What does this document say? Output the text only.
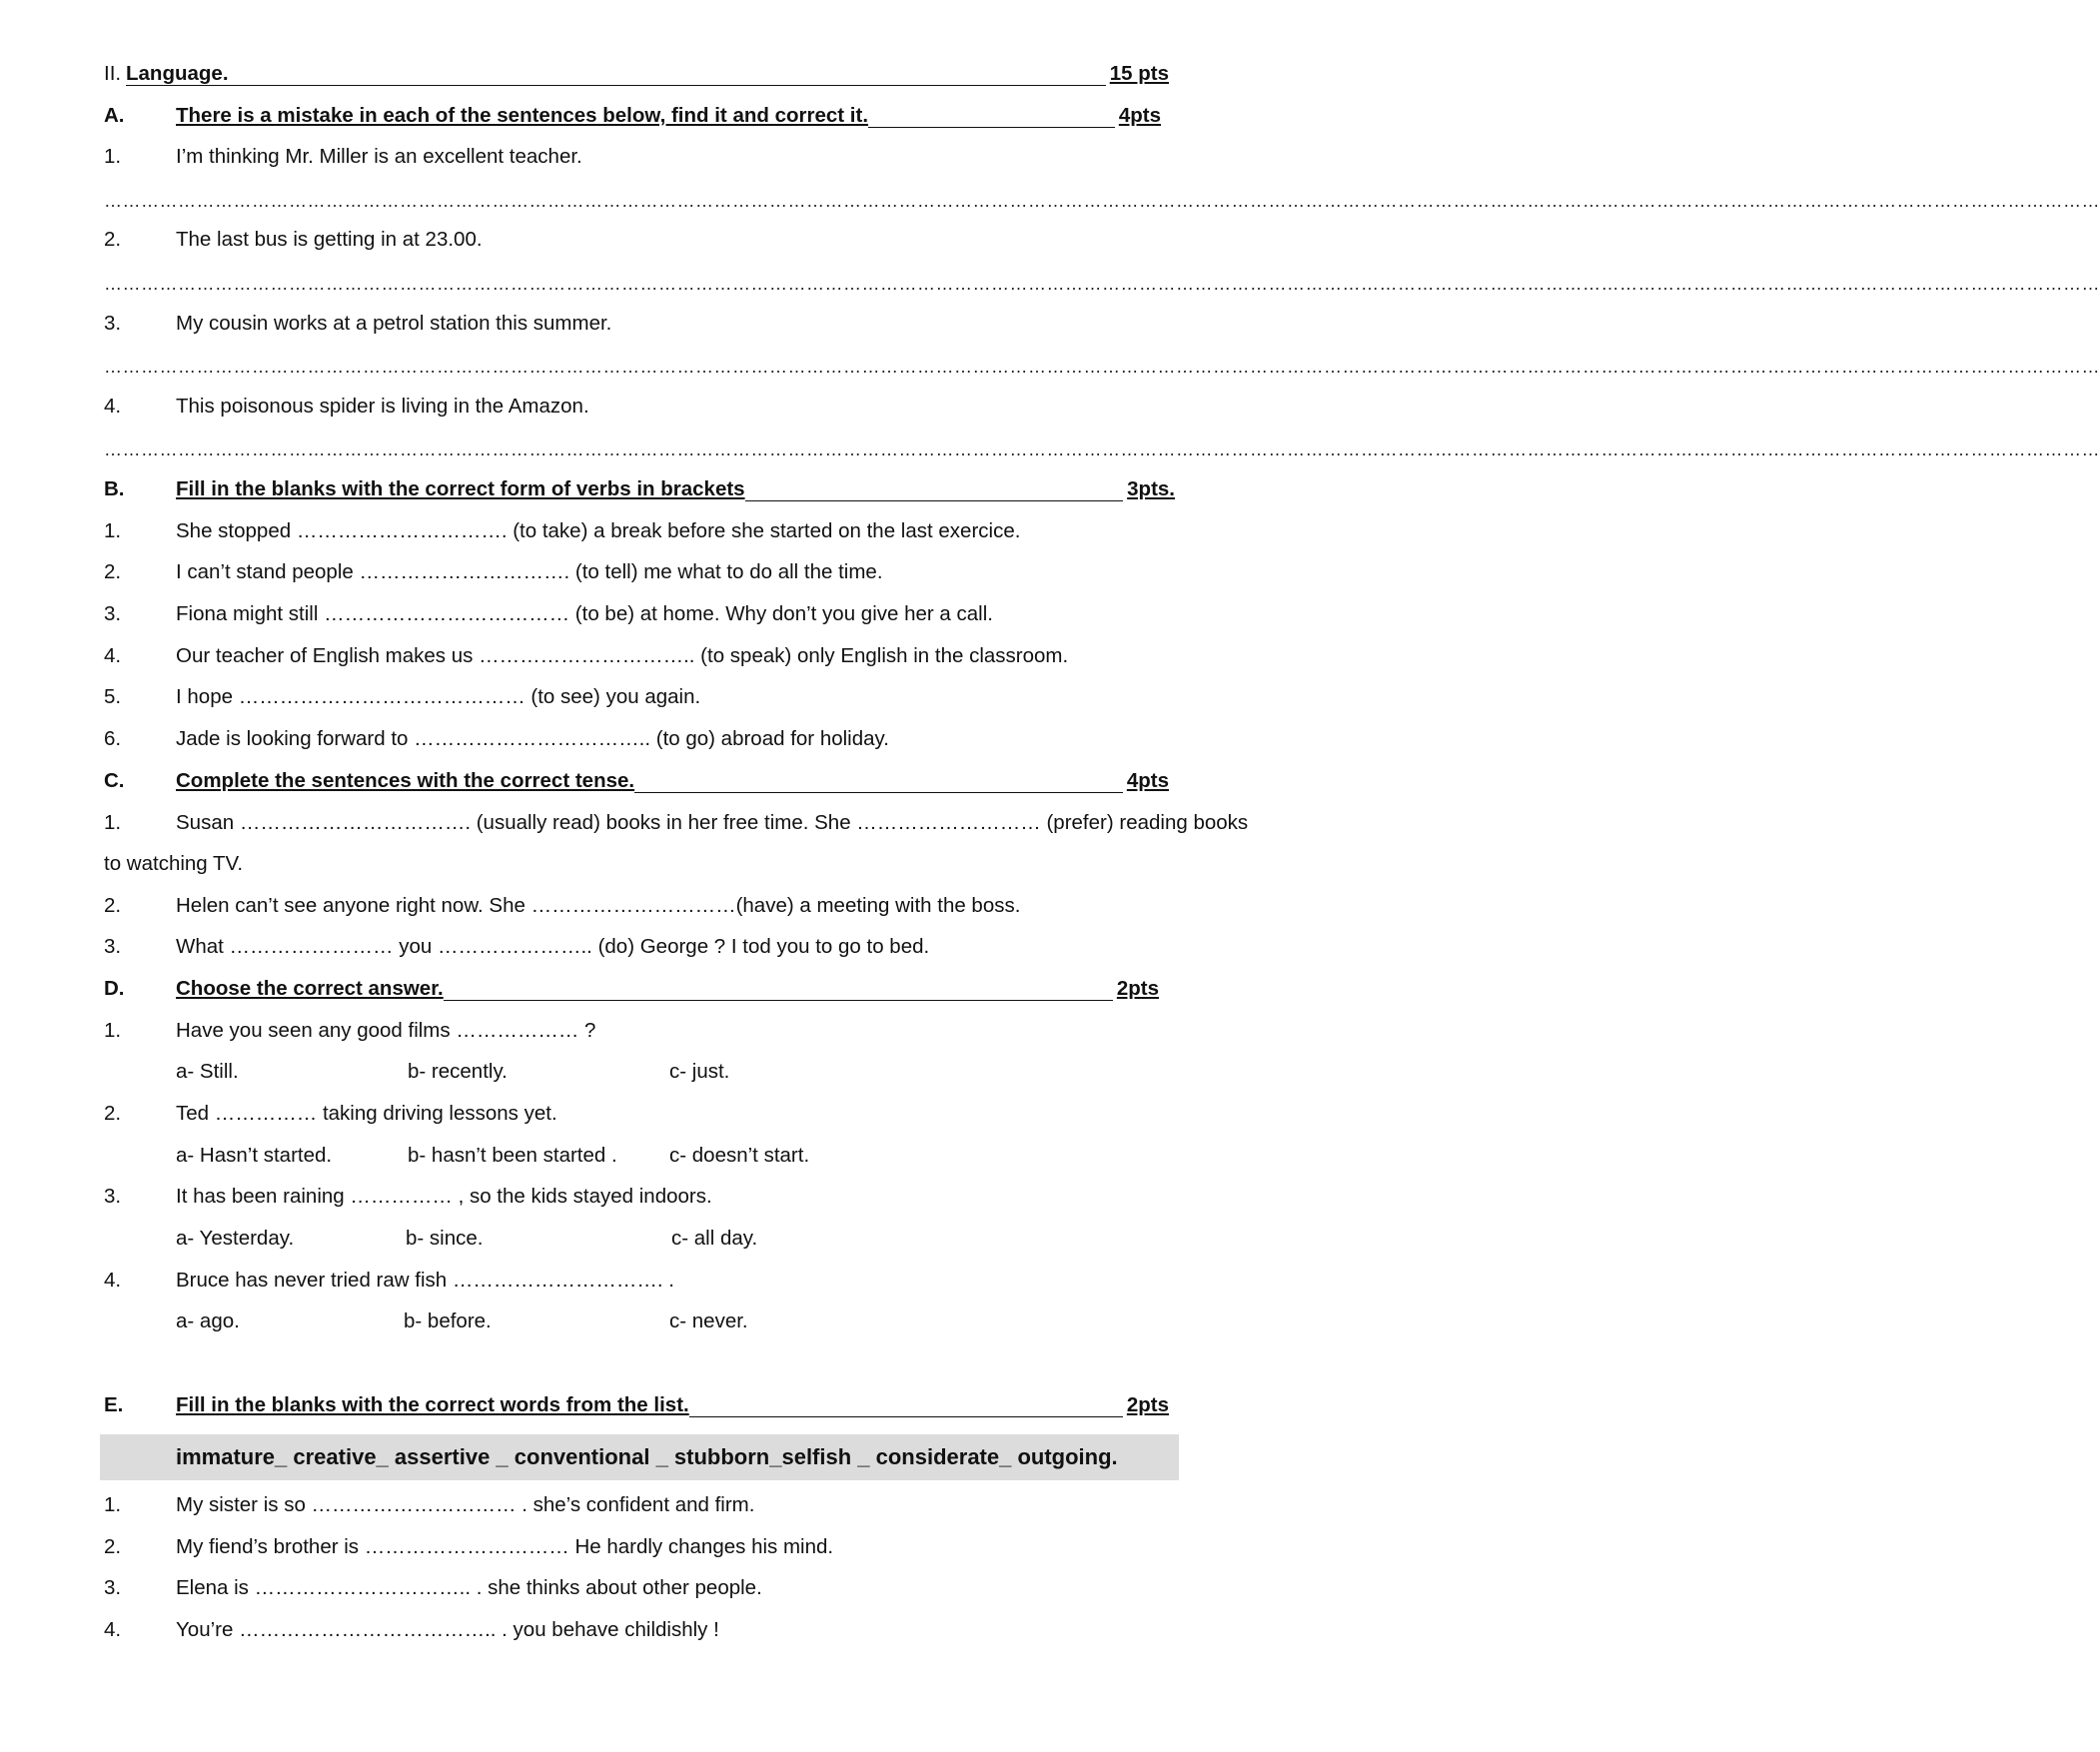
II. Language.	15 pts
A.	There is a mistake in each of the sentences below, find it and correct it.	4pts
1.	I’m thinking Mr. Miller is an excellent teacher.
………………………………………………………………………………………………………………………………………………………………………………………………………………………………………………………………………………………………
2.	The last bus is getting in at 23.00.
………………………………………………………………………………………………………………………………………………………………………………………………………………………………………………………………………………………………
3.	My cousin works at a petrol station this summer.
………………………………………………………………………………………………………………………………………………………………………………………………………………………………………………………………………………………………
4.	This poisonous spider is living in the Amazon.
………………………………………………………………………………………………………………………………………………………………………………………………………………………………………………………………………………………………
B.	Fill in the blanks with the correct form of verbs in brackets	3pts.
1.	She stopped …………………………. (to take) a break before she started on the last exercice.
2.	I can’t stand people …………………………. (to tell) me what to do all the time.
3.	Fiona might still ……………………………… (to be) at home. Why don’t you give her a call.
4.	Our teacher of English makes us ………………………….. (to speak) only English in the classroom.
5.	I hope …………………………………… (to see) you again.
6.	Jade is looking forward to …………………………….. (to go) abroad for holiday.
C.	Complete the sentences with the correct tense.	4pts
1.	Susan ……………………………. (usually read) books in her free time. She ……………………… (prefer) reading books
to watching TV.
2.	Helen can’t see anyone right now. She …………………………(have) a meeting with the boss.
3.	What …………………… you ………………….. (do) George ? I tod you to go to bed.
D.	Choose the correct answer.	2pts
1.	Have you seen any good films ……………… ?
a- Still.	b- recently.	c- just.
2.	Ted …………… taking driving lessons yet.
a- Hasn’t started.	b- hasn’t been started .	c- doesn’t start.
3.	It has been raining …………… , so the kids stayed indoors.
a- Yesterday.	b- since.	c- all day.
4.	Bruce has never tried raw fish …………………………. .
a- ago.	b- before.	c- never.
E.	Fill in the blanks with the correct words from the list.	2pts
immature_ creative_ assertive _ conventional _ stubborn_selfish _ considerate_ outgoing.
1.	My sister is so ………………………… . she’s confident and firm.
2.	My fiend’s brother is ………………………… He hardly changes his mind.
3.	Elena is ………………………….. . she thinks about other people.
4.	You’re ……………………………….. . you behave childishly !
